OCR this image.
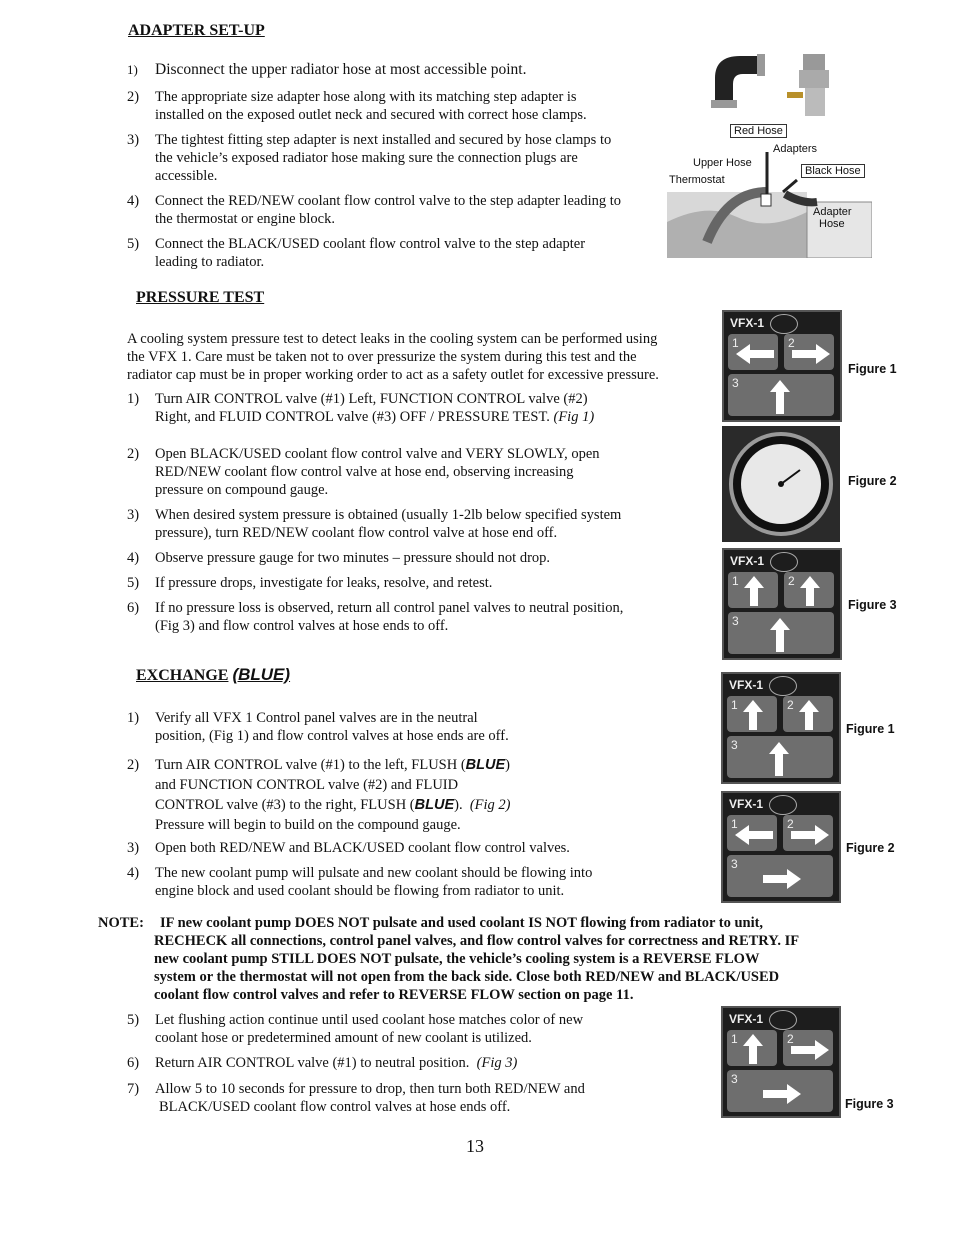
ADAPTER SET-UP
1) Disconnect the upper radiator hose at most accessible point.
2) The appropriate size adapter hose along with its matching step adapter is
installed on the exposed outlet neck and secured with correct hose clamps.
3) The tightest fitting step adapter is next installed and secured by hose clamps to
the vehicle’s exposed radiator hose making sure the connection plugs are
accessible.
4) Connect the RED/NEW coolant flow control valve to the step adapter leading to
the thermostat or engine block.
5) Connect the BLACK/USED coolant flow control valve to the step adapter
leading to radiator.
Red Hose
Adapters
Upper Hose
Black Hose
Thermostat
Adapter
Hose
PRESSURE TEST
A cooling system pressure test to detect leaks in the cooling system can be performed using
the VFX 1. Care must be taken not to over pressurize the system during this test and the
radiator cap must be in proper working order to act as a safety outlet for excessive pressure.
1) Turn AIR CONTROL valve (#1) Left, FUNCTION CONTROL valve (#2)
Right, and FLUID CONTROL valve (#3) OFF / PRESSURE TEST. (Fig 1)
2) Open BLACK/USED coolant flow control valve and VERY SLOWLY, open
RED/NEW coolant flow control valve at hose end, observing increasing
pressure on compound gauge.
3) When desired system pressure is obtained (usually 1-2lb below specified system
pressure), turn RED/NEW coolant flow control valve at hose end off.
4) Observe pressure gauge for two minutes – pressure should not drop.
5) If pressure drops, investigate for leaks, resolve, and retest.
6) If no pressure loss is observed, return all control panel valves to neutral position,
(Fig 3) and flow control valves at hose ends to off.
VFX-1
1	2
3
Figure 1
Figure 2
VFX-1
1	2
3
Figure 3
EXCHANGE (BLUE)
1) Verify all VFX 1 Control panel valves are in the neutral
position, (Fig 1) and flow control valves at hose ends are off.
2) Turn AIR CONTROL valve (#1) to the left, FLUSH (BLUE)
and FUNCTION CONTROL valve (#2) and FLUID
CONTROL valve (#3) to the right, FLUSH (BLUE). (Fig 2)
Pressure will begin to build on the compound gauge.
3) Open both RED/NEW and BLACK/USED coolant flow control valves.
4) The new coolant pump will pulsate and new coolant should be flowing into
engine block and used coolant should be flowing from radiator to unit.
NOTE: IF new coolant pump DOES NOT pulsate and used coolant IS NOT flowing from radiator to unit,
RECHECK all connections, control panel valves, and flow control valves for correctness and RETRY. IF
new coolant pump STILL DOES NOT pulsate, the vehicle’s cooling system is a REVERSE FLOW
system or the thermostat will not open from the back side. Close both RED/NEW and BLACK/USED
coolant flow control valves and refer to REVERSE FLOW section on page 11.
5) Let flushing action continue until used coolant hose matches color of new
coolant hose or predetermined amount of new coolant is utilized.
6) Return AIR CONTROL valve (#1) to neutral position. (Fig 3)
7) Allow 5 to 10 seconds for pressure to drop, then turn both RED/NEW and
BLACK/USED coolant flow control valves at hose ends off.
VFX-1
1	2
3
Figure 1
VFX-1
1	2
3
Figure 2
VFX-1
1	2
3
Figure 3
13
